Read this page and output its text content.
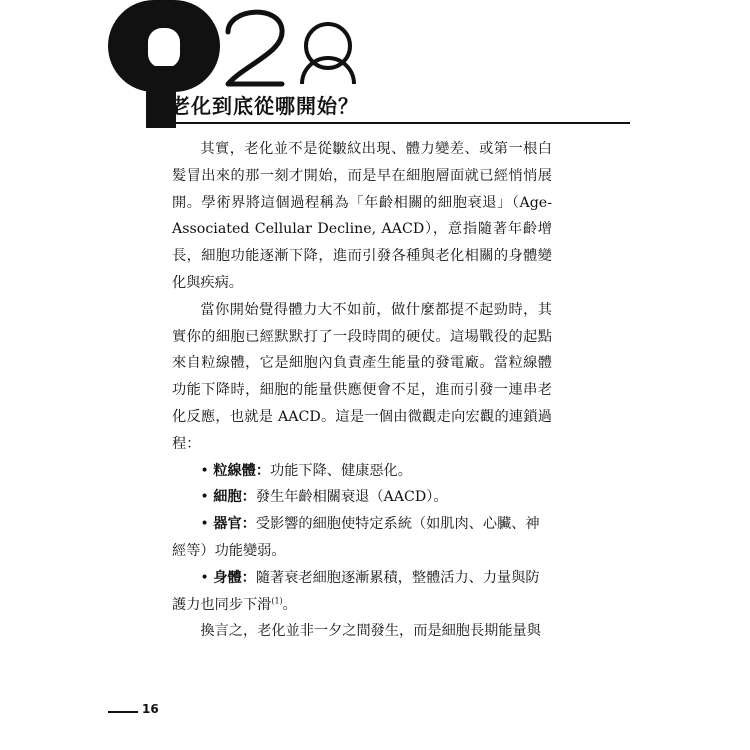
老化到底從哪開始？

其實，老化並不是從皺紋出現、體力變差、或第一根白髮冒出來的那一刻才開始，而是早在細胞層面就已經悄悄展開。學術界將這個過程稱為「年齡相關的細胞衰退」（Age-Associated Cellular Decline, AACD），意指隨著年齡增長，細胞功能逐漸下降，進而引發各種與老化相關的身體變化與疾病。

當你開始覺得體力大不如前，做什麼都提不起勁時，其實你的細胞已經默默打了一段時間的硬仗。這場戰役的起點來自粒線體，它是細胞內負責產生能量的發電廠。當粒線體功能下降時，細胞的能量供應便會不足，進而引發一連串老化反應，也就是 AACD。這是一個由微觀走向宏觀的連鎖過程：

• 粒線體：功能下降、健康惡化。

• 細胞：發生年齡相關衰退（AACD）。

• 器官：受影響的細胞使特定系統（如肌肉、心臟、神

經等）功能變弱。

• 身體：隨著衰老細胞逐漸累積，整體活力、力量與防

護力也同步下滑$^{(1)}$。

換言之，老化並非一夕之間發生，而是細胞長期能量與

16
